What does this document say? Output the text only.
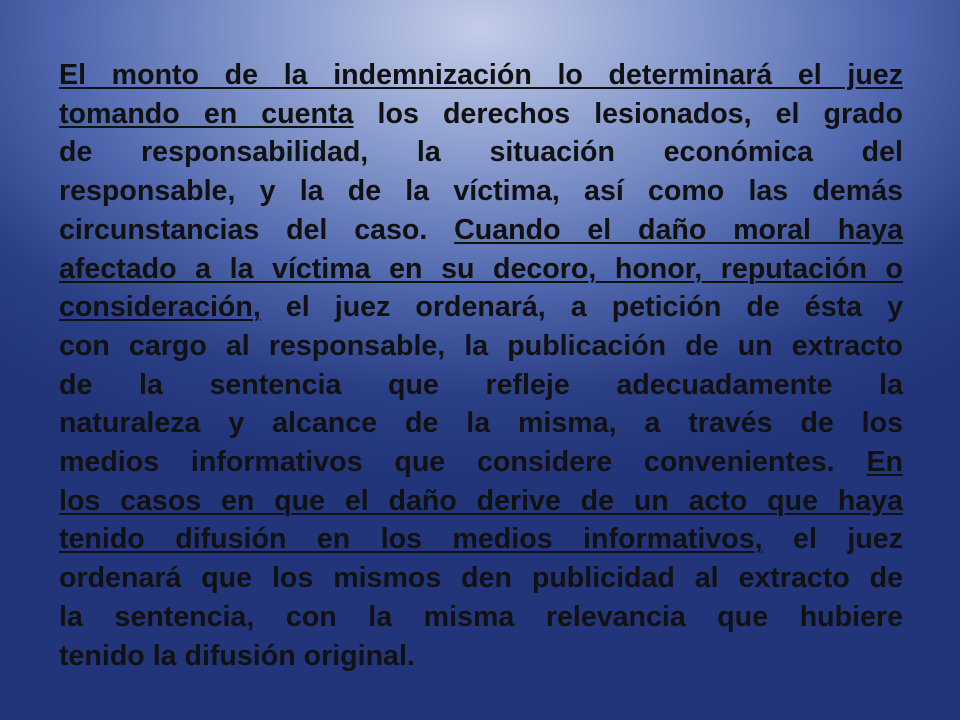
El monto de la indemnización lo determinará el juez
tomando en cuenta los derechos lesionados, el grado
de responsabilidad, la situación económica del
responsable, y la de la víctima, así como las demás
circunstancias del caso. Cuando el daño moral haya
afectado a la víctima en su decoro, honor, reputación o
consideración, el juez ordenará, a petición de ésta y
con cargo al responsable, la publicación de un extracto
de la sentencia que refleje adecuadamente la
naturaleza y alcance de la misma, a través de los
medios informativos que considere convenientes. En
los casos en que el daño derive de un acto que haya
tenido difusión en los medios informativos, el juez
ordenará que los mismos den publicidad al extracto de
la sentencia, con la misma relevancia que hubiere
tenido la difusión original.
